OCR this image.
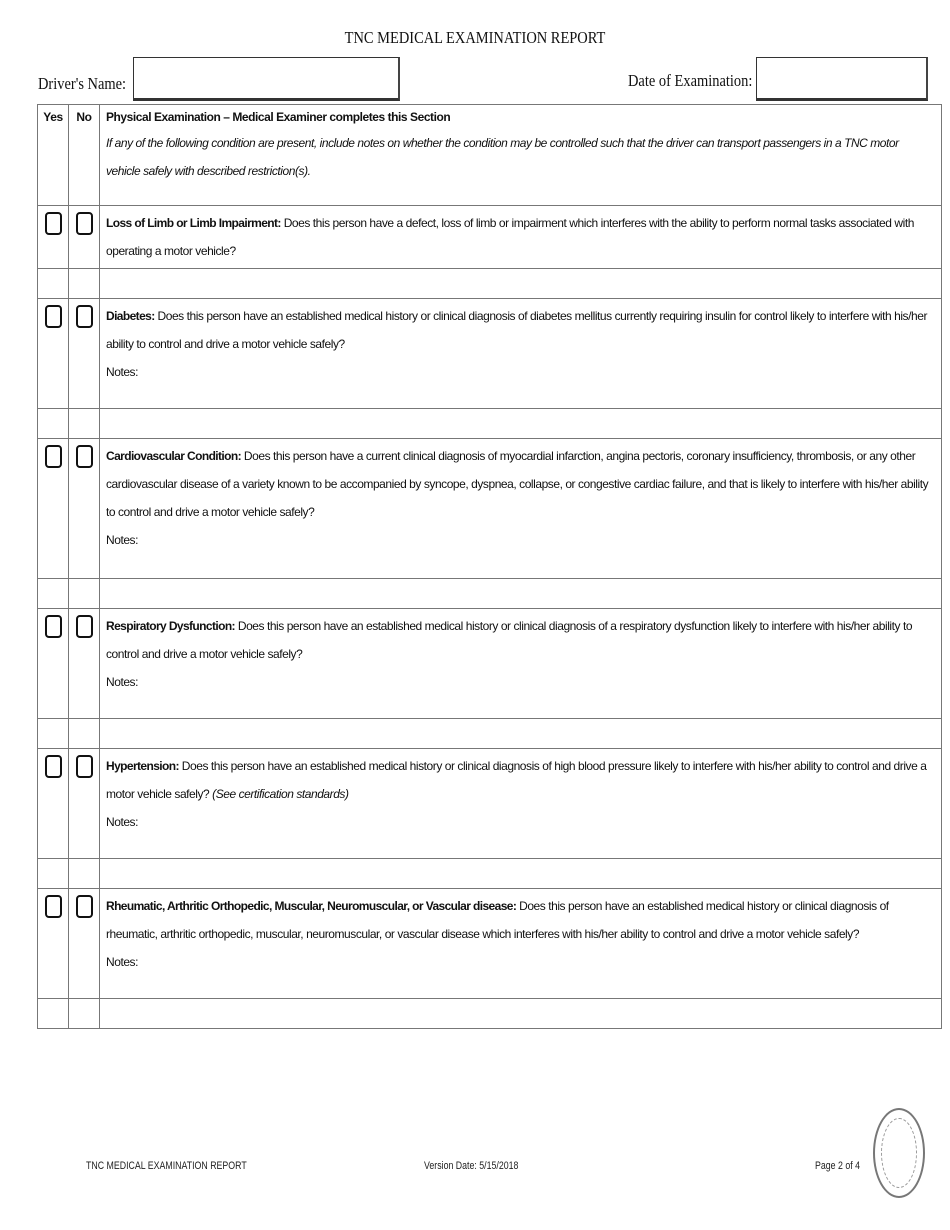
TNC MEDICAL EXAMINATION REPORT
Driver's Name:	Date of Examination:
Yes	No	Physical Examination – Medical Examiner completes this Section
If any of the following condition are present, include notes on whether the condition may be controlled such that the driver can transport passengers in a TNC motor vehicle safely with described restriction(s).

		Loss of Limb or Limb Impairment: Does this person have a defect, loss of limb or impairment which interferes with the ability to perform normal tasks associated with operating a motor vehicle?

		Diabetes: Does this person have an established medical history or clinical diagnosis of diabetes mellitus currently requiring insulin for control likely to interfere with his/her ability to control and drive a motor vehicle safely?
Notes:

		Cardiovascular Condition: Does this person have a current clinical diagnosis of myocardial infarction, angina pectoris, coronary insufficiency, thrombosis, or any other cardiovascular disease of a variety known to be accompanied by syncope, dyspnea, collapse, or congestive cardiac failure, and that is likely to interfere with his/her ability to control and drive a motor vehicle safely?
Notes:

		Respiratory Dysfunction: Does this person have an established medical history or clinical diagnosis of a respiratory dysfunction likely to interfere with his/her ability to control and drive a motor vehicle safely?
Notes:

		Hypertension: Does this person have an established medical history or clinical diagnosis of high blood pressure likely to interfere with his/her ability to control and drive a motor vehicle safely? (See certification standards)
Notes:

		Rheumatic, Arthritic Orthopedic, Muscular, Neuromuscular, or Vascular disease: Does this person have an established medical history or clinical diagnosis of rheumatic, arthritic orthopedic, muscular, neuromuscular, or vascular disease which interferes with his/her ability to control and drive a motor vehicle safely?
Notes:

TNC MEDICAL EXAMINATION REPORT	Version Date: 5/15/2018	Page 2 of 4
